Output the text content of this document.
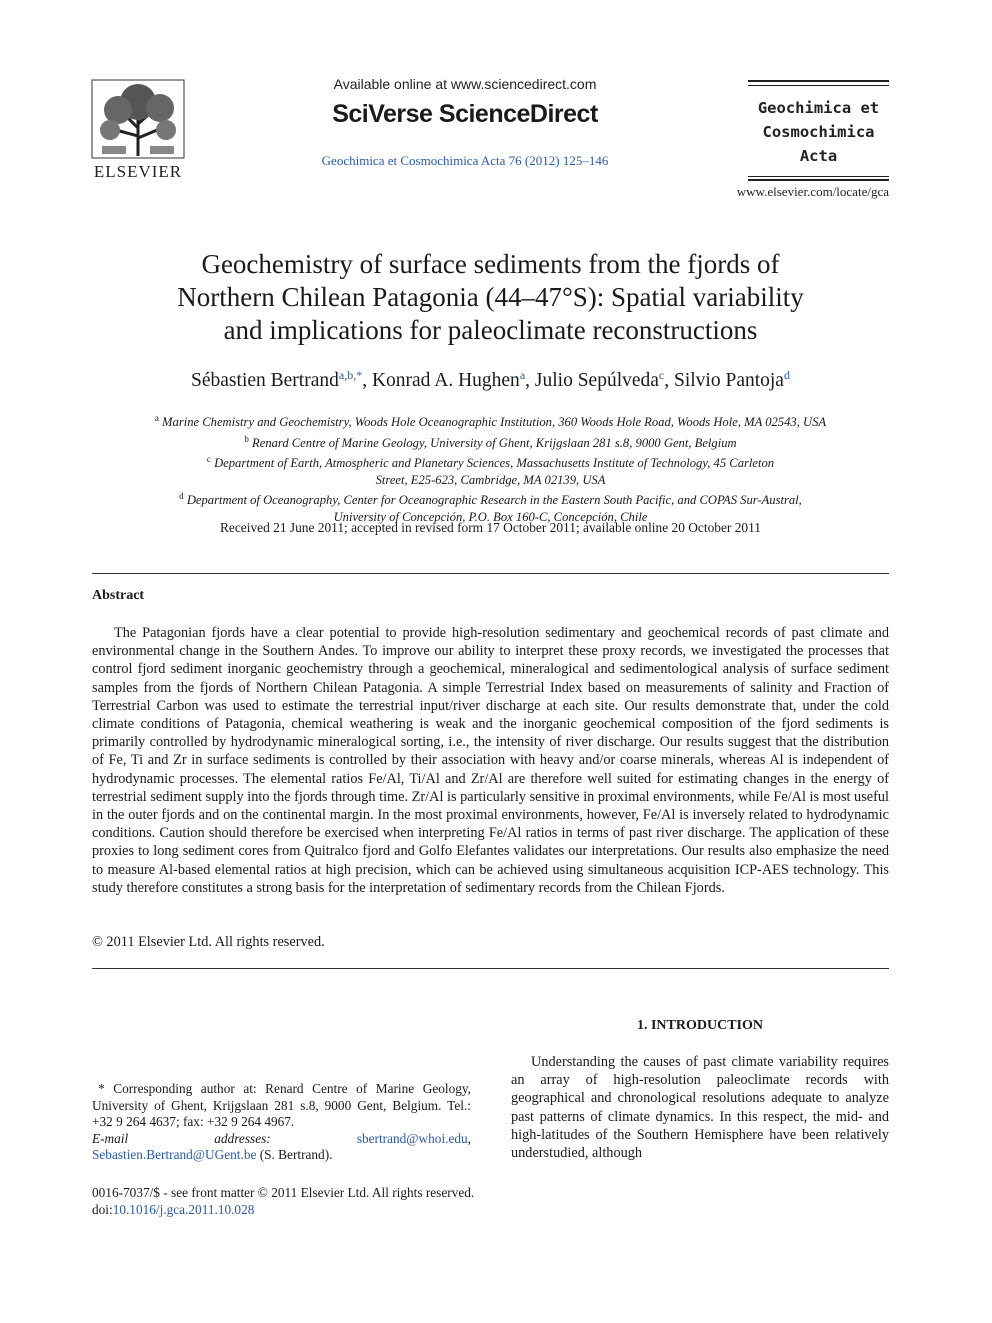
ELSEVIER
Available online at www.sciencedirect.com
SciVerse ScienceDirect
Geochimica et Cosmochimica Acta 76 (2012) 125–146
Geochimica et
Cosmochimica
Acta
www.elsevier.com/locate/gca
Geochemistry of surface sediments from the fjords of
Northern Chilean Patagonia (44–47°S): Spatial variability
and implications for paleoclimate reconstructions
Sébastien Bertrand$^{a,b,*}$, Konrad A. Hughen$^a$, Julio Sepúlveda$^c$, Silvio Pantoja$^d$
$^a$ Marine Chemistry and Geochemistry, Woods Hole Oceanographic Institution, 360 Woods Hole Road, Woods Hole, MA 02543, USA
$^b$ Renard Centre of Marine Geology, University of Ghent, Krijgslaan 281 s.8, 9000 Gent, Belgium
$^c$ Department of Earth, Atmospheric and Planetary Sciences, Massachusetts Institute of Technology, 45 Carleton
Street, E25-623, Cambridge, MA 02139, USA
$^d$ Department of Oceanography, Center for Oceanographic Research in the Eastern South Pacific, and COPAS Sur-Austral,
University of Concepción, P.O. Box 160-C, Concepción, Chile
Received 21 June 2011; accepted in revised form 17 October 2011; available online 20 October 2011
Abstract
The Patagonian fjords have a clear potential to provide high-resolution sedimentary and geochemical records of past climate and environmental change in the Southern Andes. To improve our ability to interpret these proxy records, we investigated the processes that control fjord sediment inorganic geochemistry through a geochemical, mineralogical and sedimentological analysis of surface sediment samples from the fjords of Northern Chilean Patagonia. A simple Terrestrial Index based on measurements of salinity and Fraction of Terrestrial Carbon was used to estimate the terrestrial input/river discharge at each site. Our results demonstrate that, under the cold climate conditions of Patagonia, chemical weathering is weak and the inorganic geochemical composition of the fjord sediments is primarily controlled by hydrodynamic mineralogical sorting, i.e., the intensity of river discharge. Our results suggest that the distribution of Fe, Ti and Zr in surface sediments is controlled by their association with heavy and/or coarse minerals, whereas Al is independent of hydrodynamic processes. The elemental ratios Fe/Al, Ti/Al and Zr/Al are therefore well suited for estimating changes in the energy of terrestrial sediment supply into the fjords through time. Zr/Al is particularly sensitive in proximal environments, while Fe/Al is most useful in the outer fjords and on the continental margin. In the most proximal environments, however, Fe/Al is inversely related to hydrodynamic conditions. Caution should therefore be exercised when interpreting Fe/Al ratios in terms of past river discharge. The application of these proxies to long sediment cores from Quitralco fjord and Golfo Elefantes validates our interpretations. Our results also emphasize the need to measure Al-based elemental ratios at high precision, which can be achieved using simultaneous acquisition ICP-AES technology. This study therefore constitutes a strong basis for the interpretation of sedimentary records from the Chilean Fjords.
© 2011 Elsevier Ltd. All rights reserved.
1. INTRODUCTION
Understanding the causes of past climate variability requires an array of high-resolution paleoclimate records with geographical and chronological resolutions adequate to analyze past patterns of climate dynamics. In this respect, the mid- and high-latitudes of the Southern Hemisphere have been relatively understudied, although
* Corresponding author at: Renard Centre of Marine Geology, University of Ghent, Krijgslaan 281 s.8, 9000 Gent, Belgium. Tel.: +32 9 264 4637; fax: +32 9 264 4967.
E-mail addresses:	sbertrand@whoi.edu, Sebastien.Bertrand@UGent.be (S. Bertrand).
0016-7037/$ - see front matter © 2011 Elsevier Ltd. All rights reserved.
doi:10.1016/j.gca.2011.10.028
